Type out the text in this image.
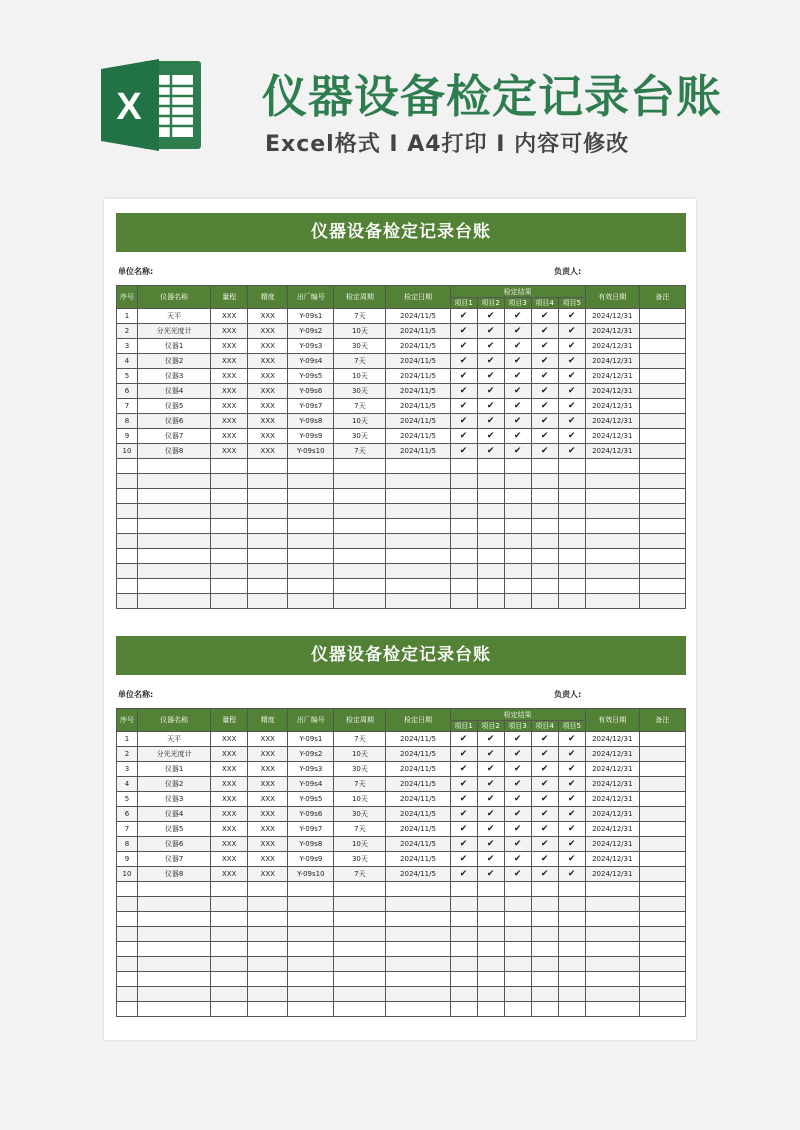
X	仪器设备检定记录台账
Excel格式 Ⅰ A4打印 Ⅰ 内容可修改
仪器设备检定记录台账
单位名称:	负责人:
序号	仪器名称	量程	精度	出厂编号	检定周期	检定日期	检定结果					有效日期	备注
							项目1	项目2	项目3	项目4	项目5		
1	天平	XXX	XXX	Y-09s1	7天	2024/11/5	✔	✔	✔	✔	✔	2024/12/31	
2	分光光度计	XXX	XXX	Y-09s2	10天	2024/11/5	✔	✔	✔	✔	✔	2024/12/31	
3	仪器1	XXX	XXX	Y-09s3	30天	2024/11/5	✔	✔	✔	✔	✔	2024/12/31	
4	仪器2	XXX	XXX	Y-09s4	7天	2024/11/5	✔	✔	✔	✔	✔	2024/12/31	
5	仪器3	XXX	XXX	Y-09s5	10天	2024/11/5	✔	✔	✔	✔	✔	2024/12/31	
6	仪器4	XXX	XXX	Y-09s6	30天	2024/11/5	✔	✔	✔	✔	✔	2024/12/31	
7	仪器5	XXX	XXX	Y-09s7	7天	2024/11/5	✔	✔	✔	✔	✔	2024/12/31	
8	仪器6	XXX	XXX	Y-09s8	10天	2024/11/5	✔	✔	✔	✔	✔	2024/12/31	
9	仪器7	XXX	XXX	Y-09s9	30天	2024/11/5	✔	✔	✔	✔	✔	2024/12/31	
10	仪器8	XXX	XXX	Y-09s10	7天	2024/11/5	✔	✔	✔	✔	✔	2024/12/31	

仪器设备检定记录台账
单位名称:	负责人:
序号	仪器名称	量程	精度	出厂编号	检定周期	检定日期	检定结果					有效日期	备注
							项目1	项目2	项目3	项目4	项目5		
1	天平	XXX	XXX	Y-09s1	7天	2024/11/5	✔	✔	✔	✔	✔	2024/12/31	
2	分光光度计	XXX	XXX	Y-09s2	10天	2024/11/5	✔	✔	✔	✔	✔	2024/12/31	
3	仪器1	XXX	XXX	Y-09s3	30天	2024/11/5	✔	✔	✔	✔	✔	2024/12/31	
4	仪器2	XXX	XXX	Y-09s4	7天	2024/11/5	✔	✔	✔	✔	✔	2024/12/31	
5	仪器3	XXX	XXX	Y-09s5	10天	2024/11/5	✔	✔	✔	✔	✔	2024/12/31	
6	仪器4	XXX	XXX	Y-09s6	30天	2024/11/5	✔	✔	✔	✔	✔	2024/12/31	
7	仪器5	XXX	XXX	Y-09s7	7天	2024/11/5	✔	✔	✔	✔	✔	2024/12/31	
8	仪器6	XXX	XXX	Y-09s8	10天	2024/11/5	✔	✔	✔	✔	✔	2024/12/31	
9	仪器7	XXX	XXX	Y-09s9	30天	2024/11/5	✔	✔	✔	✔	✔	2024/12/31	
10	仪器8	XXX	XXX	Y-09s10	7天	2024/11/5	✔	✔	✔	✔	✔	2024/12/31	
